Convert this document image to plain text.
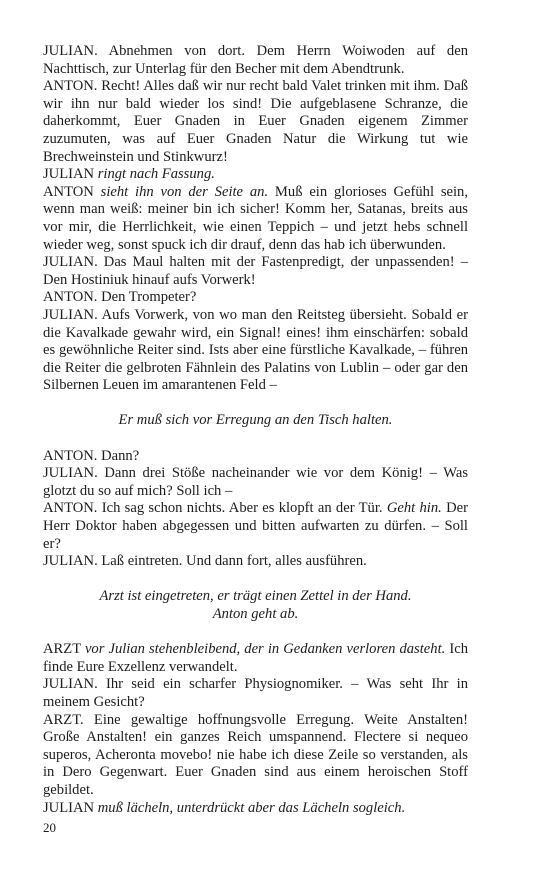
JULIAN. Abnehmen von dort. Dem Herrn Woiwoden auf den Nachttisch, zur Unterlag für den Becher mit dem Abendtrunk.

ANTON. Recht! Alles daß wir nur recht bald Valet trinken mit ihm. Daß wir ihn nur bald wieder los sind! Die aufgeblasene Schranze, die daherkommt, Euer Gnaden in Euer Gnaden eigenem Zimmer zuzumuten, was auf Euer Gnaden Natur die Wirkung tut wie Brechweinstein und Stinkwurz!

JULIAN ringt nach Fassung.

ANTON sieht ihn von der Seite an. Muß ein glorioses Gefühl sein, wenn man weiß: meiner bin ich sicher! Komm her, Satanas, breits aus vor mir, die Herrlichkeit, wie einen Teppich – und jetzt hebs schnell wieder weg, sonst spuck ich dir drauf, denn das hab ich überwunden.

JULIAN. Das Maul halten mit der Fastenpredigt, der unpassenden! – Den Hostiniuk hinauf aufs Vorwerk!

ANTON. Den Trompeter?

JULIAN. Aufs Vorwerk, von wo man den Reitsteg übersieht. Sobald er die Kavalkade gewahr wird, ein Signal! eines! ihm einschärfen: sobald es gewöhnliche Reiter sind. Ists aber eine fürstliche Kavalkade, – führen die Reiter die gelbroten Fähnlein des Palatins von Lublin – oder gar den Silbernen Leuen im amarantenen Feld –

Er muß sich vor Erregung an den Tisch halten.

ANTON. Dann?

JULIAN. Dann drei Stöße nacheinander wie vor dem König! – Was glotzt du so auf mich? Soll ich –

ANTON. Ich sag schon nichts. Aber es klopft an der Tür. Geht hin. Der Herr Doktor haben abgegessen und bitten aufwarten zu dürfen. – Soll er?

JULIAN. Laß eintreten. Und dann fort, alles ausführen.

Arzt ist eingetreten, er trägt einen Zettel in der Hand.

Anton geht ab.

ARZT vor Julian stehenbleibend, der in Gedanken verloren dasteht. Ich finde Eure Exzellenz verwandelt.

JULIAN. Ihr seid ein scharfer Physiognomiker. – Was seht Ihr in meinem Gesicht?

ARZT. Eine gewaltige hoffnungsvolle Erregung. Weite Anstalten! Große Anstalten! ein ganzes Reich umspannend. Flectere si nequeo superos, Acheronta movebo! nie habe ich diese Zeile so verstanden, als in Dero Gegenwart. Euer Gnaden sind aus einem heroischen Stoff gebildet.

JULIAN muß lächeln, unterdrückt aber das Lächeln sogleich.

20
